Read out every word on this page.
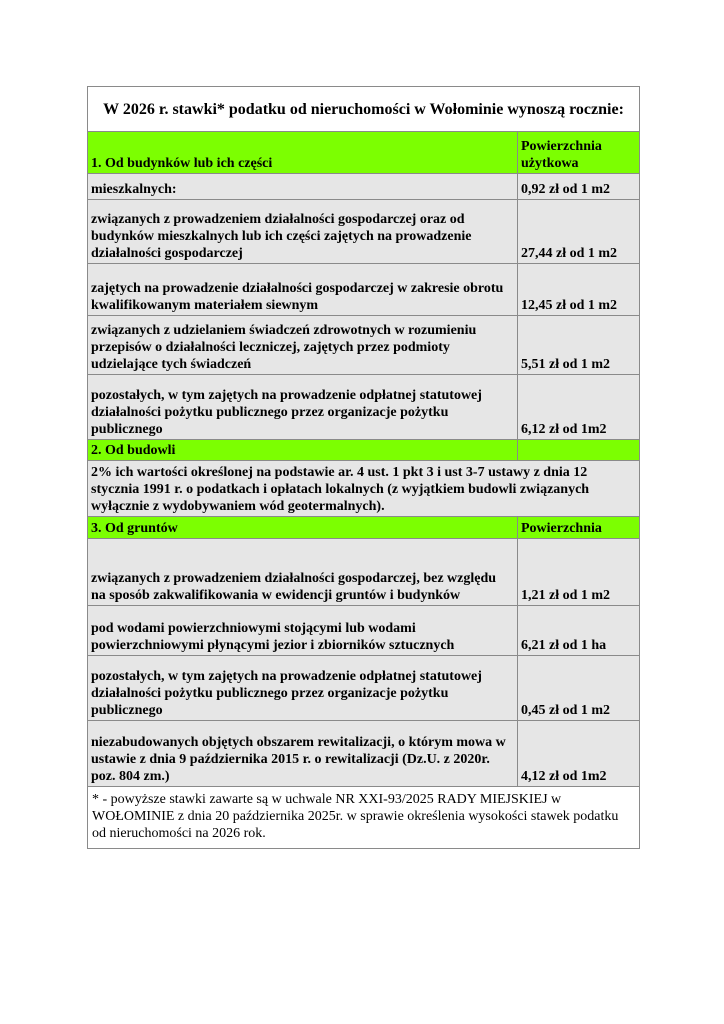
W 2026 r. stawki* podatku od nieruchomości w Wołominie wynoszą rocznie:	
1. Od budynków lub ich części	Powierzchnia użytkowa
mieszkalnych:	0,92 zł od 1 m2
związanych z prowadzeniem działalności gospodarczej oraz od budynków mieszkalnych lub ich części zajętych na prowadzenie działalności gospodarczej	27,44 zł od 1 m2
zajętych na prowadzenie działalności gospodarczej w zakresie obrotu kwalifikowanym materiałem siewnym	12,45 zł od 1 m2
związanych z udzielaniem świadczeń zdrowotnych w rozumieniu przepisów o działalności leczniczej, zajętych przez podmioty udzielające tych świadczeń	5,51 zł od 1 m2
pozostałych, w tym zajętych na prowadzenie odpłatnej statutowej działalności pożytku publicznego przez organizacje pożytku publicznego	6,12 zł od 1m2
2. Od budowli	
2% ich wartości określonej na podstawie ar. 4 ust. 1 pkt 3 i ust 3-7 ustawy z dnia 12 stycznia 1991 r. o podatkach i opłatach lokalnych (z wyjątkiem budowli związanych wyłącznie z wydobywaniem wód geotermalnych).	
3. Od gruntów	Powierzchnia
związanych z prowadzeniem działalności gospodarczej, bez względu na sposób zakwalifikowania w ewidencji gruntów i budynków	1,21 zł od 1 m2
pod wodami powierzchniowymi stojącymi lub wodami powierzchniowymi płynącymi jezior i zbiorników sztucznych	6,21 zł od 1 ha
pozostałych, w tym zajętych na prowadzenie odpłatnej statutowej działalności pożytku publicznego przez organizacje pożytku publicznego	0,45 zł od 1 m2
niezabudowanych objętych obszarem rewitalizacji, o którym mowa w ustawie z dnia 9 października 2015 r. o rewitalizacji (Dz.U. z 2020r. poz. 804 zm.)	4,12 zł od 1m2
* - powyższe stawki zawarte są w uchwale NR XXI-93/2025 RADY MIEJSKIEJ w WOŁOMINIE z dnia 20 października 2025r. w sprawie określenia wysokości stawek podatku od nieruchomości na 2026 rok.	
